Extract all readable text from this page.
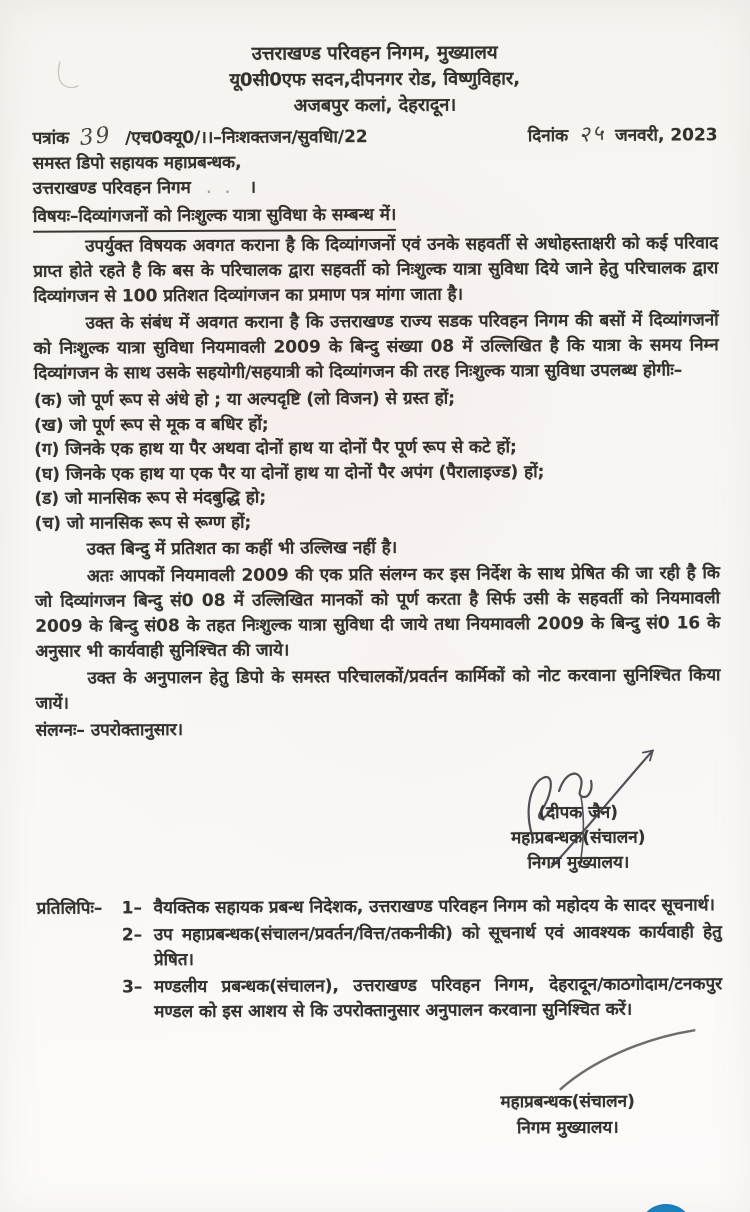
उत्तराखण्ड परिवहन निगम, मुख्यालय
यू0सी0एफ सदन,दीपनगर रोड, विष्णुविहार,
अजबपुर कलां, देहरादून।
पत्रांक 39 /एच0क्यू0/।।–निःशक्तजन/सुवधिा/22	दिनांक २५ जनवरी, 2023
समस्त डिपो सहायक महाप्रबन्धक,
उत्तराखण्ड परिवहन निगम  . .  ।
विषयः–दिव्यांगजनों को निःशुल्क यात्रा सुविधा के सम्बन्ध में।
उपर्युक्त विषयक अवगत कराना है कि दिव्यांगजनों एवं उनके सहवर्ती से अधोहस्ताक्षरी को कई परिवाद प्राप्त होते रहते है कि बस के परिचालक द्वारा सहवर्ती को निःशुल्क यात्रा सुविधा दिये जाने हेतु परिचालक द्वारा दिव्यांगजन से 100 प्रतिशत दिव्यांगजन का प्रमाण पत्र मांगा जाता है।
उक्त के संबंध में अवगत कराना है कि उत्तराखण्ड राज्य सडक परिवहन निगम की बसों में दिव्यांगजनों को निःशुल्क यात्रा सुविधा नियमावली 2009 के बिन्दु संख्या 08 में उल्लिखित है कि यात्रा के समय निम्न दिव्यांगजन के साथ उसके सहयोगी/सहयात्री को दिव्यांगजन की तरह निःशुल्क यात्रा सुविधा उपलब्ध होगीः–
(क) जो पूर्ण रूप से अंधे हो ; या अल्पदृष्टि (लो विजन) से ग्रस्त हों;
(ख) जो पूर्ण रूप से मूक व बधिर हों;
(ग) जिनके एक हाथ या पैर अथवा दोनों हाथ या दोनों पैर पूर्ण रूप से कटे हों;
(घ) जिनके एक हाथ या एक पैर या दोनों हाथ या दोनों पैर अपंग (पैरालाइज्ड) हों;
(ड) जो मानसिक रूप से मंदबुद्धि हो;
(च) जो मानसिक रूप से रूग्ण हों;
उक्त बिन्दु में प्रतिशत का कहीं भी उल्लिख नहीं है।
अतः आपकों नियमावली 2009 की एक प्रति संलग्न कर इस निर्देश के साथ प्रेषित की जा रही है कि जो दिव्यांगजन बिन्दु सं0 08 में उल्लिखित मानकों को पूर्ण करता है सिर्फ उसी के सहवर्ती को नियमावली 2009 के बिन्दु सं08 के तहत निःशुल्क यात्रा सुविधा दी जाये तथा नियमावली 2009 के बिन्दु सं0 16 के अनुसार भी कार्यवाही सुनिश्चित की जाये।
उक्त के अनुपालन हेतु डिपो के समस्त परिचालकों/प्रवर्तन कार्मिकों को नोट करवाना सुनिश्चित किया जायें।
संलग्नः– उपरोक्तानुसार।
(दीपक जैन)
महाप्रबन्धक(संचालन)
निगम मुख्यालय।
प्रतिलिपिः– 1– वैयक्तिक सहायक प्रबन्ध निदेशक, उत्तराखण्ड परिवहन निगम को महोदय के सादर सूचनार्थ।
2– उप महाप्रबन्धक(संचालन/प्रवर्तन/वित्त/तकनीकी) को सूचनार्थ एवं आवश्यक कार्यवाही हेतु प्रेषित।
3– मण्डलीय प्रबन्धक(संचालन), उत्तराखण्ड परिवहन निगम, देहरादून/काठगोदाम/टनकपुर मण्डल को इस आशय से कि उपरोक्तानुसार अनुपालन करवाना सुनिश्चित करें।
महाप्रबन्धक(संचालन)
निगम मुख्यालय।
